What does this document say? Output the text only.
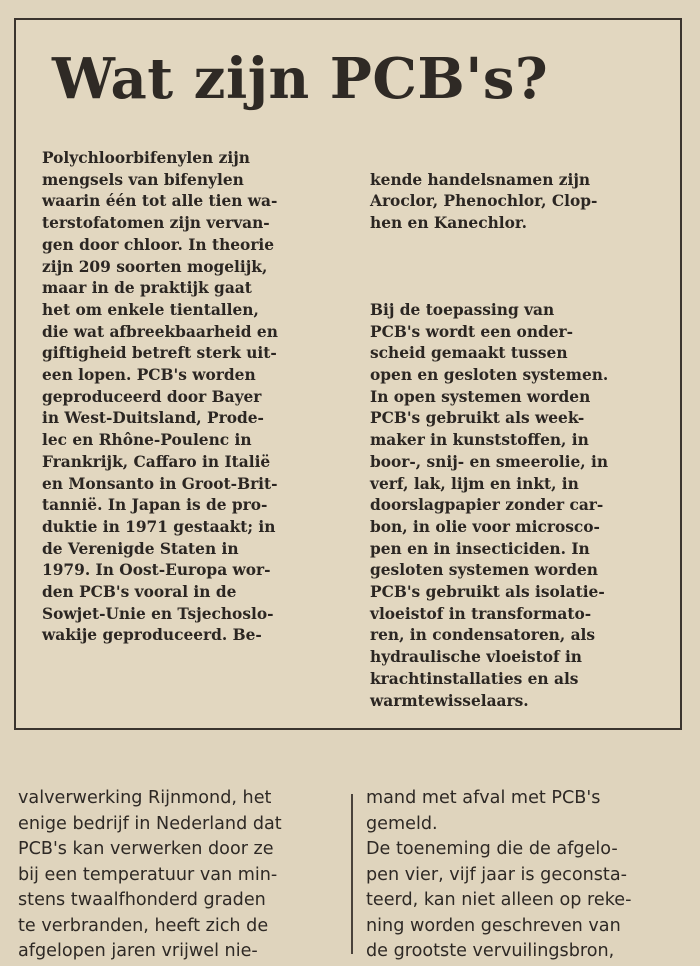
Wat zijn PCB's?
Polychloorbifenylen zijn
mengsels van bifenylen
waarin één tot alle tien wa-
terstofatomen zijn vervan-
gen door chloor. In theorie
zijn 209 soorten mogelijk,
maar in de praktijk gaat
het om enkele tientallen,
die wat afbreekbaarheid en
giftigheid betreft sterk uit-
een lopen. PCB's worden
geproduceerd door Bayer
in West-Duitsland, Prode-
lec en Rhône-Poulenc in
Frankrijk, Caffaro in Italië
en Monsanto in Groot-Brit-
tannië. In Japan is de pro-
duktie in 1971 gestaakt; in
de Verenigde Staten in
1979. In Oost-Europa wor-
den PCB's vooral in de
Sowjet-Unie en Tsjechoslo-
wakije geproduceerd. Be-

kende handelsnamen zijn
Aroclor, Phenochlor, Clop-
hen en Kanechlor.

Bij de toepassing van
PCB's wordt een onder-
scheid gemaakt tussen
open en gesloten systemen.
In open systemen worden
PCB's gebruikt als week-
maker in kunststoffen, in
boor-, snij- en smeerolie, in
verf, lak, lijm en inkt, in
doorslagpapier zonder car-
bon, in olie voor microsco-
pen en in insecticiden. In
gesloten systemen worden
PCB's gebruikt als isolatie-
vloeistof in transformato-
ren, in condensatoren, als
hydraulische vloeistof in
krachtinstallaties en als
warmtewisselaars.

valverwerking Rijnmond, het
enige bedrijf in Nederland dat
PCB's kan verwerken door ze
bij een temperatuur van min-
stens twaalfhonderd graden
te verbranden, heeft zich de
afgelopen jaren vrijwel nie-
mand met afval met PCB's
gemeld.
De toeneming die de afgelo-
pen vier, vijf jaar is geconsta-
teerd, kan niet alleen op reke-
ning worden geschreven van
de grootste vervuilingsbron,
